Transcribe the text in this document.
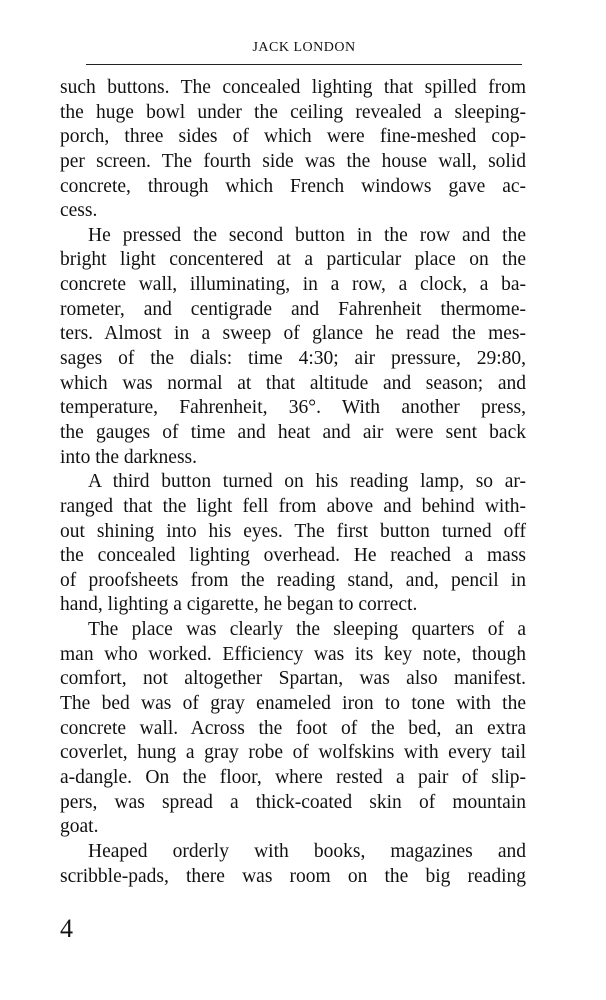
JACK LONDON
such buttons. The concealed lighting that spilled from
the huge bowl under the ceiling revealed a sleeping-
porch, three sides of which were fine-meshed cop-
per screen. The fourth side was the house wall, solid
concrete, through which French windows gave ac-
cess.
He pressed the second button in the row and the
bright light concentered at a particular place on the
concrete wall, illuminating, in a row, a clock, a ba-
rometer, and centigrade and Fahrenheit thermome-
ters. Almost in a sweep of glance he read the mes-
sages of the dials: time 4:30; air pressure, 29:80,
which was normal at that altitude and season; and
temperature, Fahrenheit, 36°. With another press,
the gauges of time and heat and air were sent back
into the darkness.
A third button turned on his reading lamp, so ar-
ranged that the light fell from above and behind with-
out shining into his eyes. The first button turned off
the concealed lighting overhead. He reached a mass
of proofsheets from the reading stand, and, pencil in
hand, lighting a cigarette, he began to correct.
The place was clearly the sleeping quarters of a
man who worked. Efficiency was its key note, though
comfort, not altogether Spartan, was also manifest.
The bed was of gray enameled iron to tone with the
concrete wall. Across the foot of the bed, an extra
coverlet, hung a gray robe of wolfskins with every tail
a-dangle. On the floor, where rested a pair of slip-
pers, was spread a thick-coated skin of mountain
goat.
Heaped orderly with books, magazines and
scribble-pads, there was room on the big reading
4
